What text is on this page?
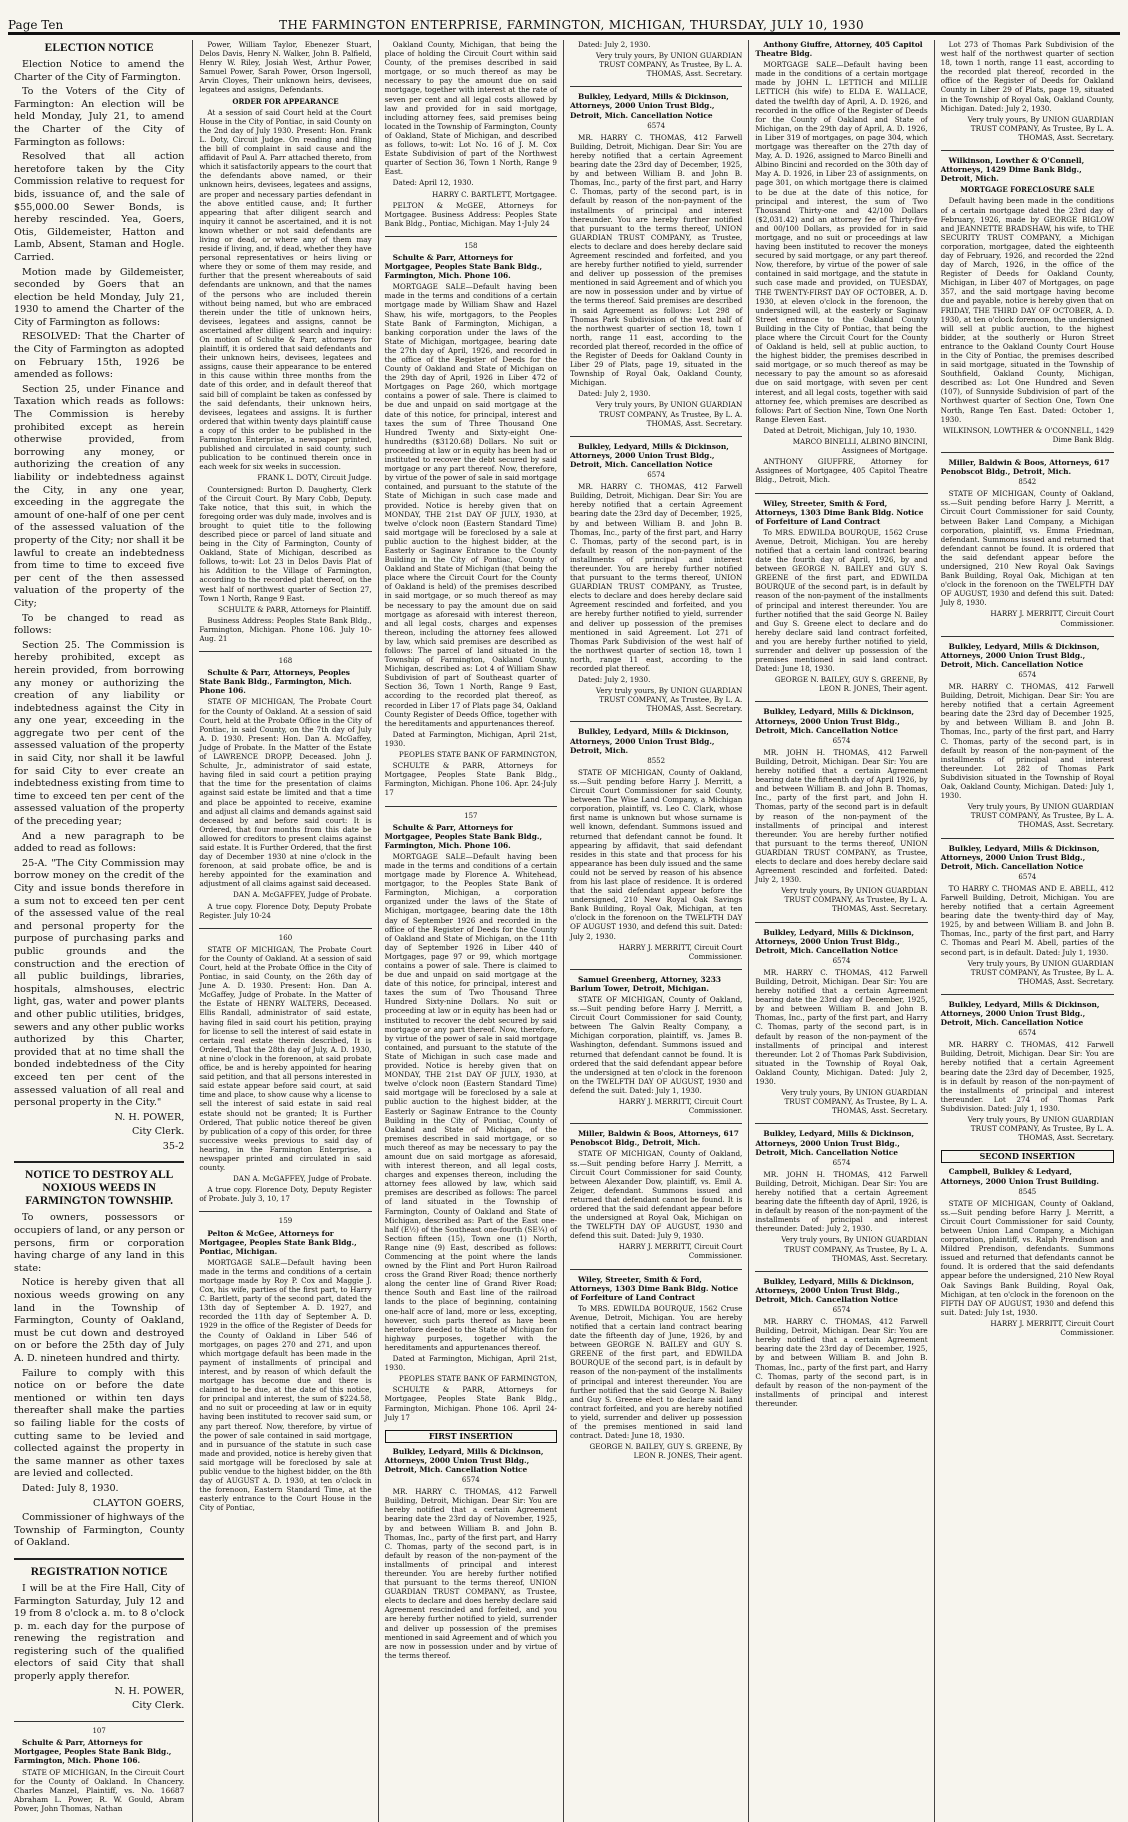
Page Ten	THE FARMINGTON ENTERPRISE, FARMINGTON, MICHIGAN, THURSDAY, JULY 10, 1930
ELECTION NOTICE

Election Notice to amend the Charter of the City of Farmington.

To the Voters of the City of Farmington: An election will be held Monday, July 21, to amend the Charter of the City of Farmington as follows:

Resolved that all action heretofore taken by the City Commission relative to request for bids, issuance of, and the sale of $55,000.00 Sewer Bonds, is hereby rescinded. Yea, Goers, Otis, Gildemeister, Hatton and Lamb, Absent, Staman and Hogle. Carried.

Motion made by Gildemeister, seconded by Goers that an election be held Monday, July 21, 1930 to amend the Charter of the City of Farmington as follows:

RESOLVED: That the Charter of the City of Farmington as adopted on February 15th, 1926 be amended as follows:

Section 25, under Finance and Taxation which reads as follows: The Commission is hereby prohibited except as herein otherwise provided, from borrowing any money, or authorizing the creation of any liability or indebtedness against the City, in any one year, exceeding in the aggregate the amount of one-half of one per cent of the assessed valuation of the property of the City; nor shall it be lawful to create an indebtedness from time to time to exceed five per cent of the then assessed valuation of the property of the City;

To be changed to read as follows:

Section 25. The Commission is hereby prohibited, except as herein provided, from borrowing any money or authorizing the creation of any liability or indebtedness against the City in any one year, exceeding in the aggregate two per cent of the assessed valuation of the property in said City, nor shall it be lawful for said City to ever create an indebtedness existing from time to time to exceed ten per cent of the assessed valuation of the property of the preceding year;

And a new paragraph to be added to read as follows:

25-A. "The City Commission may borrow money on the credit of the City and issue bonds therefore in a sum not to exceed ten per cent of the assessed value of the real and personal property for the purpose of purchasing parks and public grounds and the construction and the erection of all public buildings, libraries, hospitals, almshouses, electric light, gas, water and power plants and other public utilities, bridges, sewers and any other public works authorized by this Charter, provided that at no time shall the bonded indebtedness of the City exceed ten per cent of the assessed valuation of all real and personal property in the City."

N. H. POWER,
City Clerk.
35-2
NOTICE TO DESTROY ALL NOXIOUS WEEDS IN FARMINGTON TOWNSHIP.

To owners, possessors or occupiers of land, or any person or persons, firm or corporation having charge of any land in this state:

Notice is hereby given that all noxious weeds growing on any land in the Township of Farmington, County of Oakland, must be cut down and destroyed on or before the 25th day of July A. D. nineteen hundred and thirty.

Failure to comply with this notice on or before the date mentioned or within ten days thereafter shall make the parties so failing liable for the costs of cutting same to be levied and collected against the property in the same manner as other taxes are levied and collected.

Dated: July 8, 1930.

CLAYTON GOERS,

Commissioner of highways of the Township of Farmington, County of Oakland.

REGISTRATION NOTICE

I will be at the Fire Hall, City of Farmington Saturday, July 12 and 19 from 8 o'clock a. m. to 8 o'clock p. m. each day for the purpose of renewing the registration and registering such of the qualified electors of said City that shall properly apply therefor.

N. H. POWER,
City Clerk.
107

Schulte & Parr, Attorneys for Mortgagee, Peoples State Bank Bldg., Farmington, Mich. Phone 106.

STATE OF MICHIGAN, In the Circuit Court for the County of Oakland. In Chancery. Charles Manzel, Plaintiff, vs. No. 16687 Abraham L. Power, R. W. Gould, Abram Power, John Thomas, Nathan

Power, William Taylor, Ebenezer Stuart, Delos Davis, Henry N. Walker, John B. Palfield, Henry W. Riley, Josiah West, Arthur Power, Samuel Power, Sarah Power, Orson Ingersoll, Arvin Cloyes, Their unknown heirs, devisees, legatees and assigns, Defendants.

ORDER FOR APPEARANCE

At a session of said Court held at the Court House in the City of Pontiac, in said County on the 2nd day of July 1930. Present: Hon. Frank L. Doty, Circuit Judge. On reading and filing the bill of complaint in said cause and the affidavit of Paul A. Parr attached thereto, from which it satisfactorily appears to the court that the defendants above named, or their unknown heirs, devisees, legatees and assigns, are proper and necessary parties defendant in the above entitled cause, and; It further appearing that after diligent search and inquiry it cannot be ascertained, and it is not known whether or not said defendants are living or dead, or where any of them may reside if living, and, if dead, whether they have personal representatives or heirs living or where they or some of them may reside, and further that the present whereabouts of said defendants are unknown, and that the names of the persons who are included therein without being named, but who are embraced therein under the title of unknown heirs, devisees, legatees and assigns, cannot be ascertained after diligent search and inquiry: On motion of Schulte & Parr, attorneys for plaintiff, it is ordered that said defendants and their unknown heirs, devisees, legatees and assigns, cause their appearance to be entered in this cause within three months from the date of this order, and in default thereof that said bill of complaint be taken as confessed by the said defendants, their unknown heirs, devisees, legatees and assigns. It is further ordered that within twenty days plaintiff cause a copy of this order to be published in the Farmington Enterprise, a newspaper printed, published and circulated in said county, such publication to be continued therein once in each week for six weeks in succession.

FRANK L. DOTY, Circuit Judge.

Countersigned: Burton D. Daugherty, Clerk of the Circuit Court. By Mary Cobb, Deputy. Take notice, that this suit, in which the foregoing order was duly made, involves and is brought to quiet title to the following described piece or parcel of land situate and being in the City of Farmington, County of Oakland, State of Michigan, described as follows, to-wit: Lot 23 in Delos Davis Plat of his Addition to the Village of Farmington, according to the recorded plat thereof, on the west half of northwest quarter of Section 27, Town 1 North, Range 9 East.

SCHULTE & PARR, Attorneys for Plaintiff.

Business Address: Peoples State Bank Bldg., Farmington, Michigan. Phone 106. July 10-Aug. 21

168

Schulte & Parr, Attorneys, Peoples State Bank Bldg., Farmington, Mich. Phone 106.

STATE OF MICHIGAN, The Probate Court for the County of Oakland. At a session of said Court, held at the Probate Office in the City of Pontiac, in said County, on the 7th day of July A. D. 1930. Present: Hon. Dan A. McGaffey, Judge of Probate. In the Matter of the Estate of LAWRENCE DROPP, Deceased. John J. Schulte, Jr., administrator of said estate, having filed in said court a petition praying that the time for the presentation of claims against said estate be limited and that a time and place be appointed to receive, examine and adjust all claims and demands against said deceased by and before said court: It is Ordered, that four months from this date be allowed for creditors to present claims against said estate. It is Further Ordered, that the first day of December 1930 at nine o'clock in the forenoon, at said probate office, be and is hereby appointed for the examination and adjustment of all claims against said deceased.

DAN A. McGAFFEY, Judge of Probate.

A true copy. Florence Doty, Deputy Probate Register. July 10-24

160

STATE OF MICHIGAN, The Probate Court for the County of Oakland. At a session of said Court, held at the Probate Office in the City of Pontiac, in said County, on the 26th day of June A. D. 1930. Present: Hon. Dan A. McGaffey, Judge of Probate. In the Matter of the Estate of HENRY WALTERS, Deceased. Ellis Randall, administrator of said estate, having filed in said court his petition, praying for license to sell the interest of said estate in certain real estate therein described, It is Ordered, That the 28th day of July, A. D. 1930, at nine o'clock in the forenoon, at said probate office, be and is hereby appointed for hearing said petition, and that all persons interested in said estate appear before said court, at said time and place, to show cause why a license to sell the interest of said estate in said real estate should not be granted; It is Further Ordered, That public notice thereof be given by publication of a copy of this order, for three successive weeks previous to said day of hearing, in the Farmington Enterprise, a newspaper printed and circulated in said county.

DAN A. McGAFFEY, Judge of Probate.

A true copy. Florence Doty, Deputy Register of Probate. July 3, 10, 17

159

Pelton & McGee, Attorneys for Mortgagee, Peoples State Bank Bldg., Pontiac, Michigan.

MORTGAGE SALE—Default having been made in the terms and conditions of a certain mortgage made by Roy P. Cox and Maggie J. Cox, his wife, parties of the first part, to Harry C. Bartlett, party of the second part, dated the 13th day of September A. D. 1927, and recorded the 11th day of September A. D. 1929 in the office of the Register of Deeds for the County of Oakland in Liber 546 of mortgages, on pages 270 and 271, and upon which mortgage default has been made in the payment of installments of principal and interest, and by reason of which default the mortgage has become due and there is claimed to be due, at the date of this notice, for principal and interest, the sum of $224.58, and no suit or proceeding at law or in equity having been instituted to recover said sum, or any part thereof. Now, therefore, by virtue of the power of sale contained in said mortgage, and in pursuance of the statute in such case made and provided, notice is hereby given that said mortgage will be foreclosed by sale at public vendue to the highest bidder, on the 8th day of AUGUST A. D. 1930, at ten o'clock in the forenoon, Eastern Standard Time, at the easterly entrance to the Court House in the City of Pontiac,

Oakland County, Michigan, that being the place of holding the Circuit Court within said County, of the premises described in said mortgage, or so much thereof as may be necessary to pay the amount due on said mortgage, together with interest at the rate of seven per cent and all legal costs allowed by law and provided for in said mortgage, including attorney fees, said premises being located in the Township of Farmington, County of Oakland, State of Michigan, and described as follows, to-wit: Lot No. 16 of J. M. Cox Estate Subdivision of part of the Northwest quarter of Section 36, Town 1 North, Range 9 East.

Dated: April 12, 1930.

HARRY C. BARTLETT, Mortgagee.

PELTON & McGEE, Attorneys for Mortgagee. Business Address: Peoples State Bank Bldg., Pontiac, Michigan. May 1-July 24

158

Schulte & Parr, Attorneys for Mortgagee, Peoples State Bank Bldg., Farmington, Mich. Phone 106.

MORTGAGE SALE—Default having been made in the terms and conditions of a certain mortgage made by William Shaw and Hazel Shaw, his wife, mortgagors, to the Peoples State Bank of Farmington, Michigan, a banking corporation under the laws of the State of Michigan, mortgagee, bearing date the 27th day of April, 1926, and recorded in the office of the Register of Deeds for the County of Oakland and State of Michigan on the 29th day of April, 1926 in Liber 472 of Mortgages on Page 260, which mortgage contains a power of sale. There is claimed to be due and unpaid on said mortgage at the date of this notice, for principal, interest and taxes the sum of Three Thousand One Hundred Twenty and Sixty-eight One-hundredths ($3120.68) Dollars. No suit or proceeding at law or in equity has been had or instituted to recover the debt secured by said mortgage or any part thereof. Now, therefore, by virtue of the power of sale in said mortgage contained, and pursuant to the statute of the State of Michigan in such case made and provided. Notice is hereby given that on MONDAY, THE 21st DAY OF JULY, 1930, at twelve o'clock noon (Eastern Standard Time) said mortgage will be foreclosed by a sale at public auction to the highest bidder, at the Easterly or Saginaw Entrance to the County Building in the City of Pontiac, County of Oakland and State of Michigan (that being the place where the Circuit Court for the County of Oakland is held) of the premises described in said mortgage, or so much thereof as may be necessary to pay the amount due on said mortgage as aforesaid with interest thereon, and all legal costs, charges and expenses thereon, including the attorney fees allowed by law, which said premises are described as follows: The parcel of land situated in the Township of Farmington, Oakland County, Michigan, described as: Lot 4 of William Shaw Subdivision of part of Southeast quarter of Section 36, Town 1 North, Range 9 East, according to the recorded plat thereof, as recorded in Liber 17 of Plats page 34, Oakland County Register of Deeds Office, together with the hereditaments and appurtenances thereof.

Dated at Farmington, Michigan, April 21st, 1930.

PEOPLES STATE BANK OF FARMINGTON,

SCHULTE & PARR, Attorneys for Mortgagee, Peoples State Bank Bldg., Farmington, Michigan. Phone 106. Apr. 24-July 17

157

Schulte & Parr, Attorneys for Mortgagee, Peoples State Bank Bldg., Farmington, Mich. Phone 106.

MORTGAGE SALE—Default having been made in the terms and conditions of a certain mortgage made by Florence A. Whitehead, mortgagor, to the Peoples State Bank of Farmington, Michigan, a corporation organized under the laws of the State of Michigan, mortgagee, bearing date the 18th day of September 1926 and recorded in the office of the Register of Deeds for the County of Oakland and State of Michigan, on the 11th day of September 1926 in Liber 440 of Mortgages, page 97 or 99, which mortgage contains a power of sale. There is claimed to be due and unpaid on said mortgage at the date of this notice, for principal, interest and taxes the sum of Two Thousand Three Hundred Sixty-nine Dollars. No suit or proceeding at law or in equity has been had or instituted to recover the debt secured by said mortgage or any part thereof. Now, therefore, by virtue of the power of sale in said mortgage contained, and pursuant to the statute of the State of Michigan in such case made and provided. Notice is hereby given that on MONDAY, THE 21st DAY OF JULY, 1930, at twelve o'clock noon (Eastern Standard Time) said mortgage will be foreclosed by a sale at public auction to the highest bidder, at the Easterly or Saginaw Entrance to the County Building in the City of Pontiac, County of Oakland and State of Michigan, of the premises described in said mortgage, or so much thereof as may be necessary to pay the amount due on said mortgage as aforesaid, with interest thereon, and all legal costs, charges and expenses thereon, including the attorney fees allowed by law, which said premises are described as follows: The parcel of land situated in the Township of Farmington, County of Oakland and State of Michigan, described as: Part of the East one-half (E½) of the Southeast one-fourth (SE¼) of Section fifteen (15), Town one (1) North, Range nine (9) East, described as follows: Commencing at the point where the lands owned by the Flint and Port Huron Railroad cross the Grand River Road; thence northerly along the center line of Grand River Road; thence South and East line of the railroad lands to the place of beginning, containing one-half acre of land, more or less, excepting, however, such parts thereof as have been heretofore deeded to the State of Michigan for highway purposes, together with the hereditaments and appurtenances thereof.

Dated at Farmington, Michigan, April 21st, 1930.

PEOPLES STATE BANK OF FARMINGTON,

SCHULTE & PARR, Attorneys for Mortgagee, Peoples State Bank Bldg., Farmington, Michigan. Phone 106. April 24-July 17

FIRST INSERTION

Bulkley, Ledyard, Mills & Dickinson, Attorneys, 2000 Union Trust Bldg., Detroit, Mich. Cancellation Notice

6574

MR. HARRY C. THOMAS, 412 Farwell Building, Detroit, Michigan. Dear Sir: You are hereby notified that a certain Agreement bearing date the 23rd day of November, 1925, by and between William B. and John B. Thomas, Inc., party of the first part, and Harry C. Thomas, party of the second part, is in default by reason of the non-payment of the installments of principal and interest thereunder. You are hereby further notified that pursuant to the terms thereof, UNION GUARDIAN TRUST COMPANY, as Trustee, elects to declare and does hereby declare said Agreement rescinded and forfeited, and you are hereby further notified to yield, surrender and deliver up possession of the premises mentioned in said Agreement and of which you are now in possession under and by virtue of the terms thereof.

Dated: July 2, 1930.

Very truly yours, By UNION GUARDIAN TRUST COMPANY, As Trustee, By L. A. THOMAS, Asst. Secretary.

Bulkley, Ledyard, Mills & Dickinson, Attorneys, 2000 Union Trust Bldg., Detroit, Mich. Cancellation Notice

6574

MR. HARRY C. THOMAS, 412 Farwell Building, Detroit, Michigan. Dear Sir: You are hereby notified that a certain Agreement bearing date the 23rd day of December, 1925, by and between William B. and John B. Thomas, Inc., party of the first part, and Harry C. Thomas, party of the second part, is in default by reason of the non-payment of the installments of principal and interest thereunder. You are hereby further notified that pursuant to the terms thereof, UNION GUARDIAN TRUST COMPANY, as Trustee, elects to declare and does hereby declare said Agreement rescinded and forfeited, and you are hereby further notified to yield, surrender and deliver up possession of the premises mentioned in said Agreement and of which you are now in possession under and by virtue of the terms thereof. Said premises are described in said Agreement as follows: Lot 298 of Thomas Park Subdivision of the west half of the northwest quarter of section 18, town 1 north, range 11 east, according to the recorded plat thereof, recorded in the office of the Register of Deeds for Oakland County in Liber 29 of Plats, page 19, situated in the Township of Royal Oak, Oakland County, Michigan.

Dated: July 2, 1930.

Very truly yours, By UNION GUARDIAN TRUST COMPANY, As Trustee, By L. A. THOMAS, Asst. Secretary.

Bulkley, Ledyard, Mills & Dickinson, Attorneys, 2000 Union Trust Bldg., Detroit, Mich. Cancellation Notice

6574

MR. HARRY C. THOMAS, 412 Farwell Building, Detroit, Michigan. Dear Sir: You are hereby notified that a certain Agreement bearing date the 23rd day of December, 1925, by and between William B. and John B. Thomas, Inc., party of the first part, and Harry C. Thomas, party of the second part, is in default by reason of the non-payment of the installments of principal and interest thereunder. You are hereby further notified that pursuant to the terms thereof, UNION GUARDIAN TRUST COMPANY, as Trustee, elects to declare and does hereby declare said Agreement rescinded and forfeited, and you are hereby further notified to yield, surrender and deliver up possession of the premises mentioned in said Agreement. Lot 271 of Thomas Park Subdivision of the west half of the northwest quarter of section 18, town 1 north, range 11 east, according to the recorded plat thereof.

Dated: July 2, 1930.

Very truly yours, By UNION GUARDIAN TRUST COMPANY, As Trustee, By L. A. THOMAS, Asst. Secretary.

Bulkley, Ledyard, Mills & Dickinson, Attorneys, 2000 Union Trust Bldg., Detroit, Mich.

8552

STATE OF MICHIGAN, County of Oakland, ss.—Suit pending before Harry J. Merritt, a Circuit Court Commissioner for said County, between The Wise Land Company, a Michigan corporation, plaintiff, vs. Leo C. Clark, whose first name is unknown but whose surname is well known, defendant. Summons issued and returned that defendant cannot be found. It appearing by affidavit, that said defendant resides in this state and that process for his appearance has been duly issued and the same could not be served by reason of his absence from his last place of residence. It is ordered that the said defendant appear before the undersigned, 210 New Royal Oak Savings Bank Building, Royal Oak, Michigan, at ten o'clock in the forenoon on the TWELFTH DAY OF AUGUST 1930, and defend this suit. Dated: July 2, 1930.

HARRY J. MERRITT, Circuit Court Commissioner.

Samuel Greenberg, Attorney, 3233 Barlum Tower, Detroit, Michigan.

STATE OF MICHIGAN, County of Oakland, ss.—Suit pending before Harry J. Merritt, a Circuit Court Commissioner for said County, between The Galvin Realty Company, a Michigan corporation, plaintiff, vs. James B. Washington, defendant. Summons issued and returned that defendant cannot be found. It is ordered that the said defendant appear before the undersigned at ten o'clock in the forenoon on the TWELFTH DAY OF AUGUST, 1930 and defend the suit. Dated: July 1, 1930.

HARRY J. MERRITT, Circuit Court Commissioner.

Miller, Baldwin & Boos, Attorneys, 617 Penobscot Bldg., Detroit, Mich.

STATE OF MICHIGAN, County of Oakland, ss.—Suit pending before Harry J. Merritt, a Circuit Court Commissioner for said County, between Alexander Dow, plaintiff, vs. Emil A. Zeiger, defendant. Summons issued and returned that defendant cannot be found. It is ordered that the said defendant appear before the undersigned at Royal Oak, Michigan on the TWELFTH DAY OF AUGUST, 1930 and defend this suit. Dated: July 9, 1930.

HARRY J. MERRITT, Circuit Court Commissioner.

Wiley, Streeter, Smith & Ford, Attorneys, 1303 Dime Bank Bldg. Notice of Forfeiture of Land Contract

To MRS. EDWILDA BOURQUE, 1562 Cruse Avenue, Detroit, Michigan. You are hereby notified that a certain land contract bearing date the fifteenth day of June, 1926, by and between GEORGE N. BAILEY and GUY S. GREENE of the first part, and EDWILDA BOURQUE of the second part, is in default by reason of the non-payment of the installments of principal and interest thereunder. You are further notified that the said George N. Bailey and Guy S. Greene elect to declare said land contract forfeited, and you are hereby notified to yield, surrender and deliver up possession of the premises mentioned in said land contract. Dated: June 18, 1930.

GEORGE N. BAILEY, GUY S. GREENE, By LEON R. JONES, Their agent.

Anthony Giuffre, Attorney, 405 Capitol Theatre Bldg.

MORTGAGE SALE—Default having been made in the conditions of a certain mortgage made by JOHN L. LETTICH and MILLIE LETTICH (his wife) to ELDA E. WALLACE, dated the twelfth day of April, A. D. 1926, and recorded in the office of the Register of Deeds for the County of Oakland and State of Michigan, on the 29th day of April, A. D. 1926, in Liber 319 of mortgages, on page 304, which mortgage was thereafter on the 27th day of May, A. D. 1926, assigned to Marco Binelli and Albino Bincini and recorded on the 30th day of May A. D. 1926, in Liber 23 of assignments, on page 301, on which mortgage there is claimed to be due at the date of this notice, for principal and interest, the sum of Two Thousand Thirty-one and 42/100 Dollars ($2,031.42) and an attorney fee of Thirty-five and 00/100 Dollars, as provided for in said mortgage, and no suit or proceedings at law having been instituted to recover the moneys secured by said mortgage, or any part thereof. Now, therefore, by virtue of the power of sale contained in said mortgage, and the statute in such case made and provided, on TUESDAY, THE TWENTY-FIRST DAY OF OCTOBER, A. D. 1930, at eleven o'clock in the forenoon, the undersigned will, at the easterly or Saginaw Street entrance to the Oakland County Building in the City of Pontiac, that being the place where the Circuit Court for the County of Oakland is held, sell at public auction, to the highest bidder, the premises described in said mortgage, or so much thereof as may be necessary to pay the amount so as aforesaid due on said mortgage, with seven per cent interest, and all legal costs, together with said attorney fee, which premises are described as follows: Part of Section Nine, Town One North Range Eleven East.

Dated at Detroit, Michigan, July 10, 1930.

MARCO BINELLI, ALBINO BINCINI, Assignees of Mortgage.

ANTHONY GIUFFRE, Attorney for Assignees of Mortgagee, 405 Capitol Theatre Bldg., Detroit, Mich.

Wiley, Streeter, Smith & Ford, Attorneys, 1303 Dime Bank Bldg. Notice of Forfeiture of Land Contract

To MRS. EDWILDA BOURQUE, 1562 Cruse Avenue, Detroit, Michigan. You are hereby notified that a certain land contract bearing date the fourth day of April, 1926, by and between GEORGE N. BAILEY and GUY S. GREENE of the first part, and EDWILDA BOURQUE of the second part, is in default by reason of the non-payment of the installments of principal and interest thereunder. You are further notified that the said George N. Bailey and Guy S. Greene elect to declare and do hereby declare said land contract forfeited, and you are hereby further notified to yield, surrender and deliver up possession of the premises mentioned in said land contract. Dated: June 18, 1930.

GEORGE N. BAILEY, GUY S. GREENE, By LEON R. JONES, Their agent.

Bulkley, Ledyard, Mills & Dickinson, Attorneys, 2000 Union Trust Bldg., Detroit, Mich. Cancellation Notice

6574

MR. JOHN H. THOMAS, 412 Farwell Building, Detroit, Michigan. Dear Sir: You are hereby notified that a certain Agreement bearing date the fifteenth day of April 1926, by and between William B. and John B. Thomas, Inc., party of the first part, and John H. Thomas, party of the second part is in default by reason of the non-payment of the installments of principal and interest thereunder. You are hereby further notified that pursuant to the terms thereof, UNION GUARDIAN TRUST COMPANY, as Trustee, elects to declare and does hereby declare said Agreement rescinded and forfeited. Dated: July 2, 1930.

Very truly yours, By UNION GUARDIAN TRUST COMPANY, As Trustee, By L. A. THOMAS, Asst. Secretary.

Bulkley, Ledyard, Mills & Dickinson, Attorneys, 2000 Union Trust Bldg., Detroit, Mich. Cancellation Notice

6574

MR. HARRY C. THOMAS, 412 Farwell Building, Detroit, Michigan. Dear Sir: You are hereby notified that a certain Agreement bearing date the 23rd day of December, 1925, by and between William B. and John B. Thomas, Inc., party of the first part, and Harry C. Thomas, party of the second part, is in default by reason of the non-payment of the installments of principal and interest thereunder. Lot 2 of Thomas Park Subdivision, situated in the Township of Royal Oak, Oakland County, Michigan. Dated: July 2, 1930.

Very truly yours, By UNION GUARDIAN TRUST COMPANY, As Trustee, By L. A. THOMAS, Asst. Secretary.

Bulkley, Ledyard, Mills & Dickinson, Attorneys, 2000 Union Trust Bldg., Detroit, Mich. Cancellation Notice

6574

MR. JOHN H. THOMAS, 412 Farwell Building, Detroit, Michigan. Dear Sir: You are hereby notified that a certain Agreement bearing date the fifteenth day of April, 1926, is in default by reason of the non-payment of the installments of principal and interest thereunder. Dated: July 2, 1930.

Very truly yours, By UNION GUARDIAN TRUST COMPANY, As Trustee, By L. A. THOMAS, Asst. Secretary.

Bulkley, Ledyard, Mills & Dickinson, Attorneys, 2000 Union Trust Bldg., Detroit, Mich. Cancellation Notice

6574

MR. HARRY C. THOMAS, 412 Farwell Building, Detroit, Michigan. Dear Sir: You are hereby notified that a certain Agreement bearing date the 23rd day of December, 1925, by and between William B. and John B. Thomas, Inc., party of the first part, and Harry C. Thomas, party of the second part, is in default by reason of the non-payment of the installments of principal and interest thereunder.

Lot 273 of Thomas Park Subdivision of the west half of the northwest quarter of section 18, town 1 north, range 11 east, according to the recorded plat thereof, recorded in the office of the Register of Deeds for Oakland County in Liber 29 of Plats, page 19, situated in the Township of Royal Oak, Oakland County, Michigan. Dated: July 2, 1930.

Very truly yours, By UNION GUARDIAN TRUST COMPANY, As Trustee, By L. A. THOMAS, Asst. Secretary.

Wilkinson, Lowther & O'Connell, Attorneys, 1429 Dime Bank Bldg., Detroit, Mich.

MORTGAGE FORECLOSURE SALE

Default having been made in the conditions of a certain mortgage dated the 23rd day of February, 1926, made by GEORGE BIGLOW and JEANNETTE BRADSHAW, his wife, to THE SECURITY TRUST COMPANY, a Michigan corporation, mortgagee, dated the eighteenth day of February, 1926, and recorded the 22nd day of March, 1926, in the office of the Register of Deeds for Oakland County, Michigan, in Liber 407 of Mortgages, on page 357, and the said mortgage having become due and payable, notice is hereby given that on FRIDAY, THE THIRD DAY OF OCTOBER, A. D. 1930, at ten o'clock forenoon, the undersigned will sell at public auction, to the highest bidder, at the southerly or Huron Street entrance to the Oakland County Court House in the City of Pontiac, the premises described in said mortgage, situated in the Township of Southfield, Oakland County, Michigan, described as: Lot One Hundred and Seven (107), of Sunnyside Subdivision of part of the Northwest quarter of Section One, Town One North, Range Ten East. Dated: October 1, 1930.

WILKINSON, LOWTHER & O'CONNELL, 1429 Dime Bank Bldg.

Miller, Baldwin & Boos, Attorneys, 617 Penobscot Bldg., Detroit, Mich.

8542

STATE OF MICHIGAN, County of Oakland, ss.—Suit pending before Harry J. Merritt, a Circuit Court Commissioner for said County, between Baker Land Company, a Michigan corporation, plaintiff, vs. Emma Friedman, defendant. Summons issued and returned that defendant cannot be found. It is ordered that the said defendant appear before the undersigned, 210 New Royal Oak Savings Bank Building, Royal Oak, Michigan at ten o'clock in the forenoon on the TWELFTH DAY OF AUGUST, 1930 and defend this suit. Dated: July 8, 1930.

HARRY J. MERRITT, Circuit Court Commissioner.

Bulkley, Ledyard, Mills & Dickinson, Attorneys, 2000 Union Trust Bldg., Detroit, Mich. Cancellation Notice

6574

MR. HARRY C. THOMAS, 412 Farwell Building, Detroit, Michigan. Dear Sir: You are hereby notified that a certain Agreement bearing date the 23rd day of December 1925, by and between William B. and John B. Thomas, Inc., party of the first part, and Harry C. Thomas, party of the second part, is in default by reason of the non-payment of the installments of principal and interest thereunder. Lot 282 of Thomas Park Subdivision situated in the Township of Royal Oak, Oakland County, Michigan. Dated: July 1, 1930.

Very truly yours, By UNION GUARDIAN TRUST COMPANY, As Trustee, By L. A. THOMAS, Asst. Secretary.

Bulkley, Ledyard, Mills & Dickinson, Attorneys, 2000 Union Trust Bldg., Detroit, Mich. Cancellation Notice

6574

TO HARRY C. THOMAS AND E. ABELL, 412 Farwell Building, Detroit, Michigan. You are hereby notified that a certain Agreement bearing date the twenty-third day of May, 1925, by and between William B. and John B. Thomas, Inc., party of the first part, and Harry C. Thomas and Pearl M. Abell, parties of the second part, is in default. Dated: July 1, 1930.

Very truly yours, By UNION GUARDIAN TRUST COMPANY, As Trustee, By L. A. THOMAS, Asst. Secretary.

Bulkley, Ledyard, Mills & Dickinson, Attorneys, 2000 Union Trust Bldg., Detroit, Mich. Cancellation Notice

6574

MR. HARRY C. THOMAS, 412 Farwell Building, Detroit, Michigan. Dear Sir: You are hereby notified that a certain Agreement bearing date the 23rd day of December, 1925, is in default by reason of the non-payment of the installments of principal and interest thereunder. Lot 274 of Thomas Park Subdivision. Dated: July 1, 1930.

Very truly yours, By UNION GUARDIAN TRUST COMPANY, As Trustee, By L. A. THOMAS, Asst. Secretary.
SECOND INSERTION

Campbell, Bulkley & Ledyard, Attorneys, 2000 Union Trust Building.

8545

STATE OF MICHIGAN, County of Oakland, ss.—Suit pending before Harry J. Merritt, a Circuit Court Commissioner for said County, between Union Land Company, a Michigan corporation, plaintiff, vs. Ralph Prendison and Mildred Prendison, defendants. Summons issued and returned that defendants cannot be found. It is ordered that the said defendants appear before the undersigned, 210 New Royal Oak Savings Bank Building, Royal Oak, Michigan, at ten o'clock in the forenoon on the FIFTH DAY OF AUGUST, 1930 and defend this suit. Dated: July 1st, 1930.

HARRY J. MERRITT, Circuit Court Commissioner.
